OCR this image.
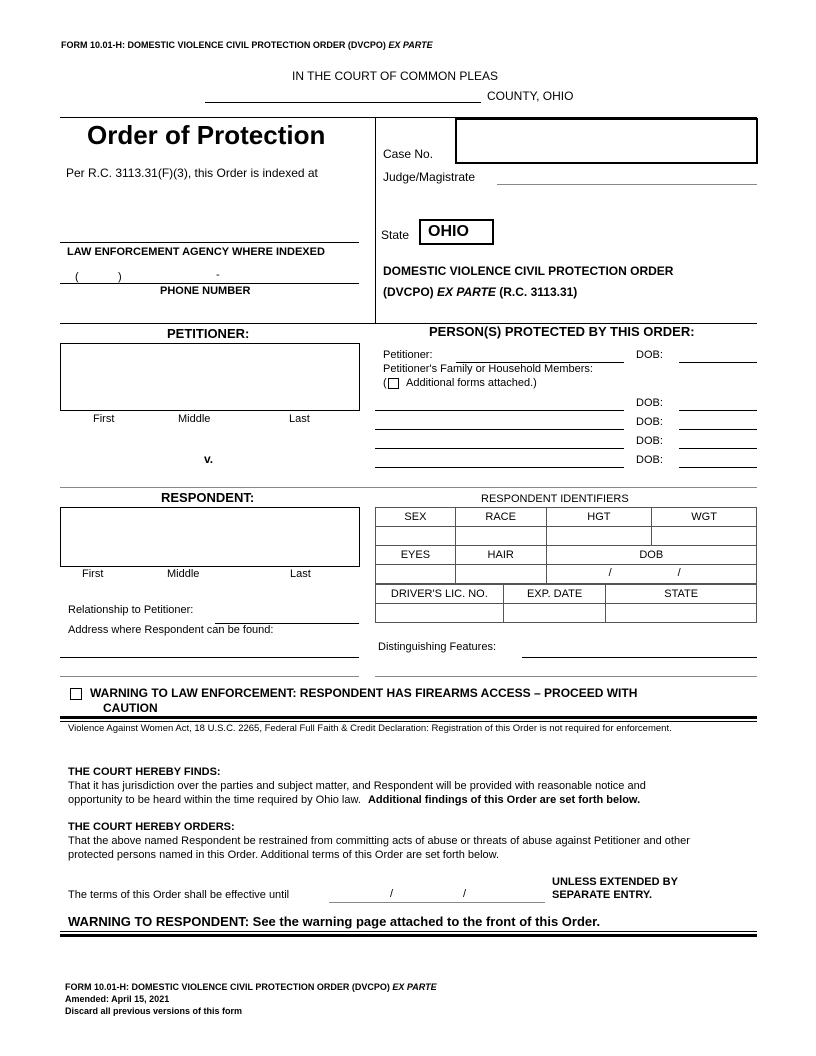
FORM 10.01-H: DOMESTIC VIOLENCE CIVIL PROTECTION ORDER (DVCPO) EX PARTE
IN THE COURT OF COMMON PLEAS
COUNTY, OHIO
Order of Protection
Per R.C. 3113.31(F)(3), this Order is indexed at
LAW ENFORCEMENT AGENCY WHERE INDEXED
(	)	-
PHONE NUMBER
Case No.
Judge/Magistrate
State	OHIO
DOMESTIC VIOLENCE CIVIL PROTECTION ORDER
(DVCPO) EX PARTE (R.C. 3113.31)
PETITIONER:
First	Middle	Last
v.
PERSON(S) PROTECTED BY THIS ORDER:
Petitioner:	DOB:
Petitioner's Family or Household Members:
( Additional forms attached.)
DOB:
DOB:
DOB:
DOB:
RESPONDENT:
First	Middle	Last
Relationship to Petitioner:
Address where Respondent can be found:
RESPONDENT IDENTIFIERS
SEX	RACE	HGT	WGT

EYES	HAIR	DOB	

		/ /	
DRIVER'S LIC. NO.	EXP. DATE	STATE

Distinguishing Features:
WARNING TO LAW ENFORCEMENT: RESPONDENT HAS FIREARMS ACCESS – PROCEED WITH
CAUTION
Violence Against Women Act, 18 U.S.C. 2265, Federal Full Faith & Credit Declaration: Registration of this Order is not required for enforcement.
THE COURT HEREBY FINDS:
That it has jurisdiction over the parties and subject matter, and Respondent will be provided with reasonable notice and
opportunity to be heard within the time required by Ohio law. Additional findings of this Order are set forth below.
THE COURT HEREBY ORDERS:
That the above named Respondent be restrained from committing acts of abuse or threats of abuse against Petitioner and other
protected persons named in this Order. Additional terms of this Order are set forth below.
The terms of this Order shall be effective until	/	/
UNLESS EXTENDED BY
SEPARATE ENTRY.
WARNING TO RESPONDENT: See the warning page attached to the front of this Order.
FORM 10.01-H: DOMESTIC VIOLENCE CIVIL PROTECTION ORDER (DVCPO) EX PARTE
Amended: April 15, 2021
Discard all previous versions of this form
